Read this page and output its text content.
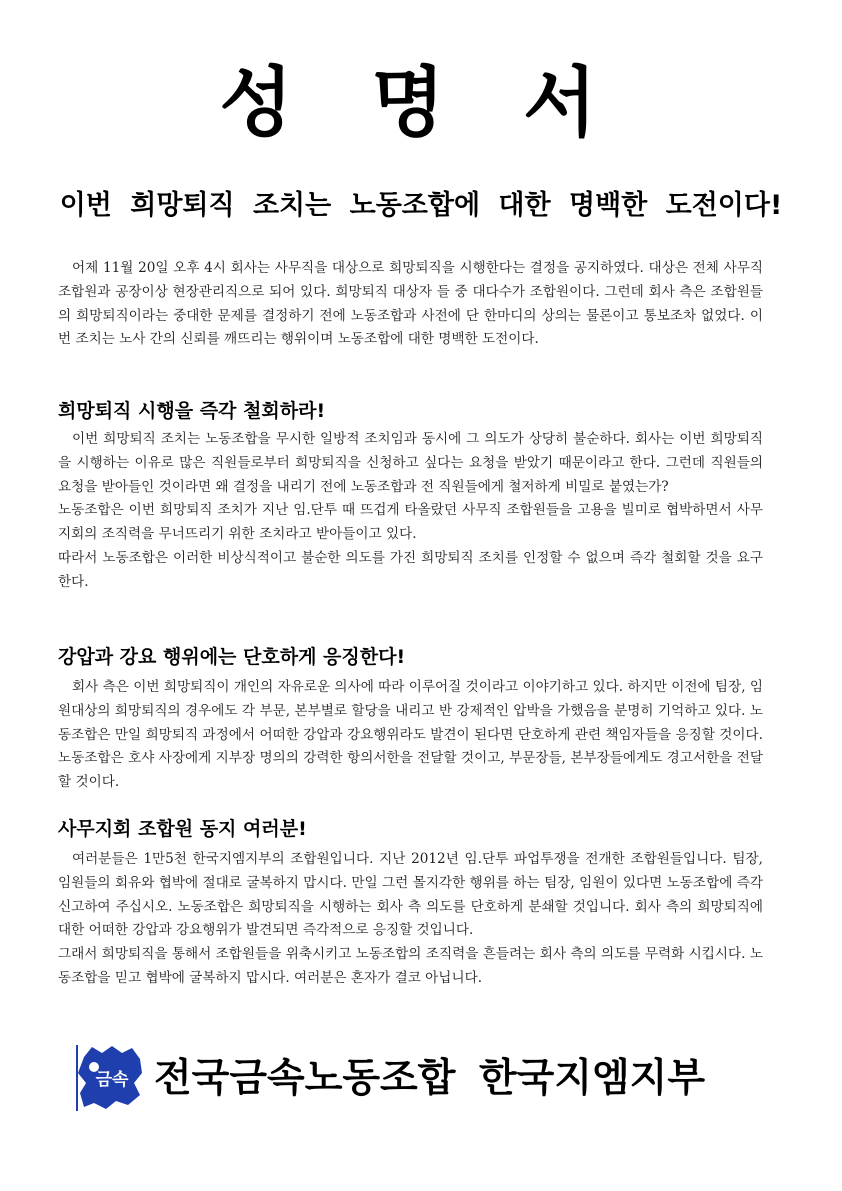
성 명 서
이번 희망퇴직 조치는 노동조합에 대한 명백한 도전이다!

어제 11월 20일 오후 4시 회사는 사무직을 대상으로 희망퇴직을 시행한다는 결정을 공지하였다. 대상은 전체 사무직 조합원과 공장이상 현장관리직으로 되어 있다. 희망퇴직 대상자 들 중 대다수가 조합원이다. 그런데 회사 측은 조합원들의 희망퇴직이라는 중대한 문제를 결정하기 전에 노동조합과 사전에 단 한마디의 상의는 물론이고 통보조차 없었다. 이번 조치는 노사 간의 신뢰를 깨뜨리는 행위이며 노동조합에 대한 명백한 도전이다.

희망퇴직 시행을 즉각 철회하라!

이번 희망퇴직 조치는 노동조합을 무시한 일방적 조치임과 동시에 그 의도가 상당히 불순하다. 회사는 이번 희망퇴직을 시행하는 이유로 많은 직원들로부터 희망퇴직을 신청하고 싶다는 요청을 받았기 때문이라고 한다. 그런데 직원들의 요청을 받아들인 것이라면 왜 결정을 내리기 전에 노동조합과 전 직원들에게 철저하게 비밀로 붙였는가?

노동조합은 이번 희망퇴직 조치가 지난 임.단투 때 뜨겁게 타올랐던 사무직 조합원들을 고용을 빌미로 협박하면서 사무지회의 조직력을 무너뜨리기 위한 조치라고 받아들이고 있다.

따라서 노동조합은 이러한 비상식적이고 불순한 의도를 가진 희망퇴직 조치를 인정할 수 없으며 즉각 철회할 것을 요구한다.

강압과 강요 행위에는 단호하게 응징한다!

회사 측은 이번 희망퇴직이 개인의 자유로운 의사에 따라 이루어질 것이라고 이야기하고 있다. 하지만 이전에 팀장, 임원대상의 희망퇴직의 경우에도 각 부문, 본부별로 할당을 내리고 반 강제적인 압박을 가했음을 분명히 기억하고 있다. 노동조합은 만일 희망퇴직 과정에서 어떠한 강압과 강요행위라도 발견이 된다면 단호하게 관련 책임자들을 응징할 것이다. 노동조합은 호샤 사장에게 지부장 명의의 강력한 항의서한을 전달할 것이고, 부문장들, 본부장들에게도 경고서한을 전달할 것이다.

사무지회 조합원 동지 여러분!

여러분들은 1만5천 한국지엠지부의 조합원입니다. 지난 2012년 임.단투 파업투쟁을 전개한 조합원들입니다. 팀장, 임원들의 회유와 협박에 절대로 굴복하지 맙시다. 만일 그런 몰지각한 행위를 하는 팀장, 임원이 있다면 노동조합에 즉각 신고하여 주십시오. 노동조합은 희망퇴직을 시행하는 회사 측 의도를 단호하게 분쇄할 것입니다. 회사 측의 희망퇴직에 대한 어떠한 강압과 강요행위가 발견되면 즉각적으로 응징할 것입니다.

그래서 희망퇴직을 통해서 조합원들을 위축시키고 노동조합의 조직력을 흔들려는 회사 측의 의도를 무력화 시킵시다. 노동조합을 믿고 협박에 굴복하지 맙시다. 여러분은 혼자가 결코 아닙니다.

금속 전국금속노동조합 한국지엠지부
